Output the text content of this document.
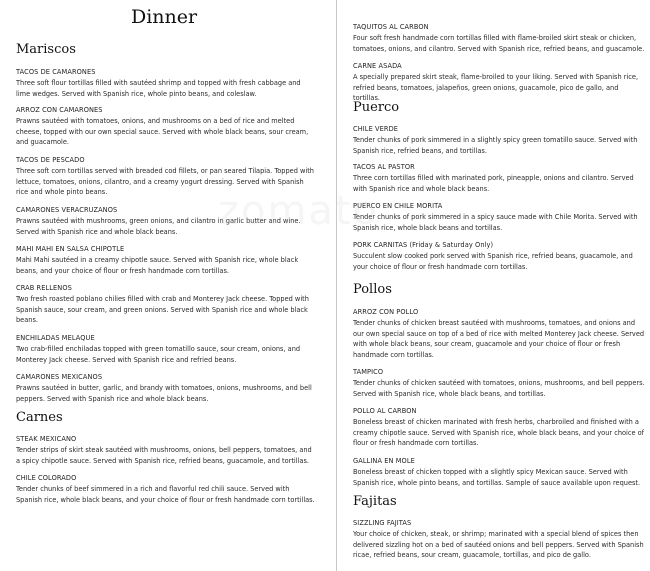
Dinner
Mariscos
TACOS DE CAMARONES
Three soft flour tortillas filled with sautéed shrimp and topped with fresh cabbage and lime wedges. Served with Spanish rice, whole pinto beans, and coleslaw.
ARROZ CON CAMARONES
Prawns sautéed with tomatoes, onions, and mushrooms on a bed of rice and melted cheese, topped with our own special sauce. Served with whole black beans, sour cream, and guacamole.
TACOS DE PESCADO
Three soft corn tortillas served with breaded cod fillets, or pan seared Tilapia. Topped with lettuce, tomatoes, onions, cilantro, and a creamy yogurt dressing. Served with Spanish rice and whole pinto beans.
CAMARONES VERACRUZANOS
Prawns sautéed with mushrooms, green onions, and cilantro in garlic butter and wine. Served with Spanish rice and whole black beans.
MAHI MAHI EN SALSA CHIPOTLE
Mahi Mahi sautéed in a creamy chipotle sauce. Served with Spanish rice, whole black beans, and your choice of flour or fresh handmade corn tortillas.
CRAB RELLENOS
Two fresh roasted poblano chilies filled with crab and Monterey Jack cheese. Topped with Spanish sauce, sour cream, and green onions. Served with Spanish rice and whole black beans.
ENCHILADAS MELAQUE
Two crab-filled enchiladas topped with green tomatillo sauce, sour cream, onions, and Monterey Jack cheese. Served with Spanish rice and refried beans.
CAMARONES MEXICANOS
Prawns sautéed in butter, garlic, and brandy with tomatoes, onions, mushrooms, and bell peppers. Served with Spanish rice and whole black beans.
Carnes
STEAK MEXICANO
Tender strips of skirt steak sautéed with mushrooms, onions, bell peppers, tomatoes, and a spicy chipotle sauce. Served with Spanish rice, refried beans, guacamole, and tortillas.
CHILE COLORADO
Tender chunks of beef simmered in a rich and flavorful red chili sauce. Served with Spanish rice, whole black beans, and your choice of flour or fresh handmade corn tortillas.
TAQUITOS AL CARBON
Four soft fresh handmade corn tortillas filled with flame-broiled skirt steak or chicken, tomatoes, onions, and cilantro. Served with Spanish rice, refried beans, and guacamole.
CARNE ASADA
A specially prepared skirt steak, flame-broiled to your liking. Served with Spanish rice, refried beans, tomatoes, jalapeños, green onions, guacamole, pico de gallo, and tortillas.
Puerco
CHILE VERDE
Tender chunks of pork simmered in a slightly spicy green tomatillo sauce. Served with Spanish rice, refried beans, and tortillas.
TACOS AL PASTOR
Three corn tortillas filled with marinated pork, pineapple, onions and cilantro. Served with Spanish rice and whole black beans.
PUERCO EN CHILE MORITA
Tender chunks of pork simmered in a spicy sauce made with Chile Morita. Served with Spanish rice, whole black beans and tortillas.
PORK CARNITAS (Friday & Saturday Only)
Succulent slow cooked pork served with Spanish rice, refried beans, guacamole, and your choice of flour or fresh handmade corn tortillas.
Pollos
ARROZ CON POLLO
Tender chunks of chicken breast sautéed with mushrooms, tomatoes, and onions and our own special sauce on top of a bed of rice with melted Monterey Jack cheese. Served with whole black beans, sour cream, guacamole and your choice of flour or fresh handmade corn tortillas.
TAMPICO
Tender chunks of chicken sautéed with tomatoes, onions, mushrooms, and bell peppers. Served with Spanish rice, whole black beans, and tortillas.
POLLO AL CARBON
Boneless breast of chicken marinated with fresh herbs, charbroiled and finished with a creamy chipotle sauce. Served with Spanish rice, whole black beans, and your choice of flour or fresh handmade corn tortillas.
GALLINA EN MOLE
Boneless breast of chicken topped with a slightly spicy Mexican sauce. Served with Spanish rice, whole pinto beans, and tortillas. Sample of sauce available upon request.
Fajitas
SIZZLING FAJITAS
Your choice of chicken, steak, or shrimp; marinated with a special blend of spices then delivered sizzling hot on a bed of sautéed onions and bell peppers. Served with Spanish ricae, refried beans, sour cream, guacamole, tortillas, and pico de gallo.
zomato
